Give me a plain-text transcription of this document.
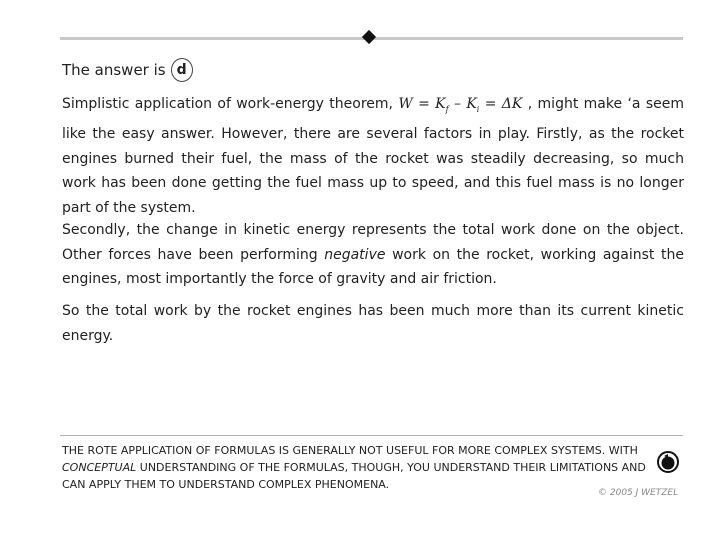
The answer is d
Simplistic application of work-energy theorem, $W = K_f - K_i = \Delta K$ , might make ‘a seem like the easy answer. However, there are several factors in play. Firstly, as the rocket engines burned their fuel, the mass of the rocket was steadily decreasing, so much work has been done getting the fuel mass up to speed, and this fuel mass is no longer part of the system.
Secondly, the change in kinetic energy represents the total work done on the object. Other forces have been performing negative work on the rocket, working against the engines, most importantly the force of gravity and air friction.
So the total work by the rocket engines has been much more than its current kinetic energy.
THE ROTE APPLICATION OF FORMULAS IS GENERALLY NOT USEFUL FOR MORE COMPLEX SYSTEMS. WITH CONCEPTUAL UNDERSTANDING OF THE FORMULAS, THOUGH, YOU UNDERSTAND THEIR LIMITATIONS AND CAN APPLY THEM TO UNDERSTAND COMPLEX PHENOMENA.
© 2005 J WETZEL
